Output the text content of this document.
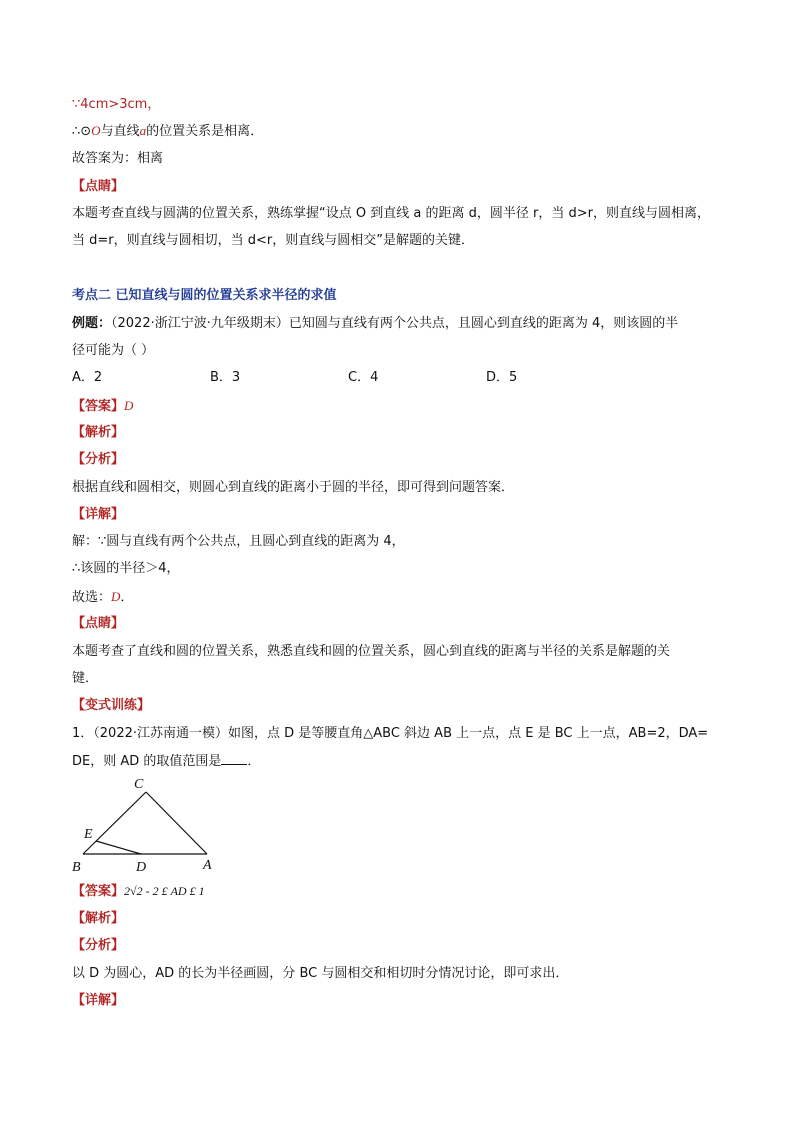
∵4cm>3cm，
∴⊙O与直线a的位置关系是相离．
故答案为：相离
【点睛】
本题考查直线与圆满的位置关系，熟练掌握“设点 O 到直线 a 的距离 d，圆半径 r，当 d>r，则直线与圆相离，
当 d=r，则直线与圆相切，当 d<r，则直线与圆相交”是解题的关键．
考点二 已知直线与圆的位置关系求半径的求值
例题：（2022·浙江宁波·九年级期末）已知圆与直线有两个公共点，且圆心到直线的距离为 4，则该圆的半
径可能为（ ）
A．2	B．3	C．4	D．5
【答案】D
【解析】
【分析】
根据直线和圆相交，则圆心到直线的距离小于圆的半径，即可得到问题答案．
【详解】
解：∵圆与直线有两个公共点，且圆心到直线的距离为 4，
∴该圆的半径＞4，
故选：D．
【点睛】
本题考查了直线和圆的位置关系，熟悉直线和圆的位置关系，圆心到直线的距离与半径的关系是解题的关
键．
【变式训练】
1．（2022·江苏南通一模）如图，点 D 是等腰直角△ABC 斜边 AB 上一点，点 E 是 BC 上一点，AB=2，DA=
DE，则 AD 的取值范围是 ．
C
E
B	D	A
【答案】2√2 - 2 £ AD £ 1
【解析】
【分析】
以 D 为圆心，AD 的长为半径画圆，分 BC 与圆相交和相切时分情况讨论，即可求出．
【详解】
